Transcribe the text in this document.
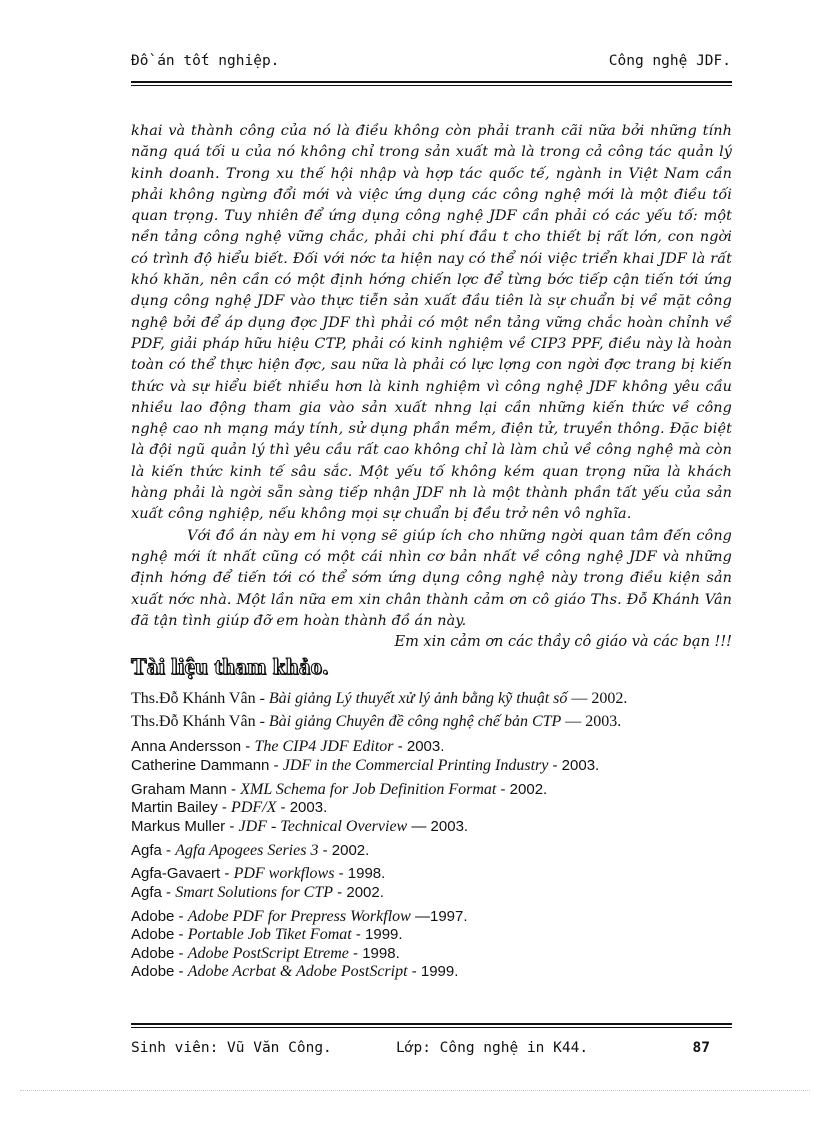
Đồ án tốt nghiệp.	Công nghệ JDF.

khai và thành công của nó là điều không còn phải tranh cãi nữa bởi những tính năng quá tối u của nó không chỉ trong sản xuất mà là trong cả công tác quản lý kinh doanh. Trong xu thế hội nhập và hợp tác quốc tế, ngành in Việt Nam cần phải không ngừng đổi mới và việc ứng dụng các công nghệ mới là một điều tối quan trọng. Tuy nhiên để ứng dụng công nghệ JDF cần phải có các yếu tố: một nền tảng công nghệ vững chắc, phải chi phí đầu t cho thiết bị rất lớn, con ngời có trình độ hiểu biết. Đối với nớc ta hiện nay có thể nói việc triển khai JDF là rất khó khăn, nên cần có một định hớng chiến lợc để từng bớc tiếp cận tiến tới ứng dụng công nghệ JDF vào thực tiễn sản xuất đầu tiên là sự chuẩn bị về mặt công nghệ bởi để áp dụng đợc JDF thì phải có một nền tảng vững chắc hoàn chỉnh về PDF, giải pháp hữu hiệu CTP, phải có kinh nghiệm về CIP3 PPF, điều này là hoàn toàn có thể thực hiện đợc, sau nữa là phải có lực lợng con ngời đợc trang bị kiến thức và sự hiểu biết nhiều hơn là kinh nghiệm vì công nghệ JDF không yêu cầu nhiều lao động tham gia vào sản xuất nhng lại cần những kiến thức về công nghệ cao nh mạng máy tính, sử dụng phần mềm, điện tử, truyền thông. Đặc biệt là đội ngũ quản lý thì yêu cầu rất cao không chỉ là làm chủ về công nghệ mà còn là kiến thức kinh tế sâu sắc. Một yếu tố không kém quan trọng nữa là khách hàng phải là ngời sẵn sàng tiếp nhận JDF nh là một thành phần tất yếu của sản xuất công nghiệp, nếu không mọi sự chuẩn bị đều trở nên vô nghĩa.

Với đồ án này em hi vọng sẽ giúp ích cho những ngời quan tâm đến công nghệ mới ít nhất cũng có một cái nhìn cơ bản nhất về công nghệ JDF và những định hớng để tiến tới có thể sớm ứng dụng công nghệ này trong điều kiện sản xuất nớc nhà. Một lần nữa em xin chân thành cảm ơn cô giáo Ths. Đỗ Khánh Vân đã tận tình giúp đỡ em hoàn thành đồ án này.

Em xin cảm ơn các thầy cô giáo và các bạn !!!
Tài liệu tham khảo.
Ths.Đỗ Khánh Vân - Bài giảng Lý thuyết xử lý ảnh bằng kỹ thuật số — 2002.
Ths.Đỗ Khánh Vân - Bài giảng Chuyên đề công nghệ chế bản CTP — 2003.
Anna Andersson - The CIP4 JDF Editor - 2003.
Catherine Dammann - JDF in the Commercial Printing Industry - 2003.
Graham Mann - XML Schema for Job Definition Format - 2002.
Martin Bailey - PDF/X - 2003.
Markus Muller - JDF - Technical Overview — 2003.
Agfa - Agfa Apogees Series 3 - 2002.
Agfa-Gavaert - PDF workflows - 1998.
Agfa - Smart Solutions for CTP - 2002.
Adobe - Adobe PDF for Prepress Workflow —1997.
Adobe - Portable Job Tiket Fomat - 1999.
Adobe - Adobe PostScript Etreme - 1998.
Adobe - Adobe Acrbat & Adobe PostScript - 1999.
Sinh viên: Vũ Văn Công.	Lớp: Công nghệ in K44.	87
